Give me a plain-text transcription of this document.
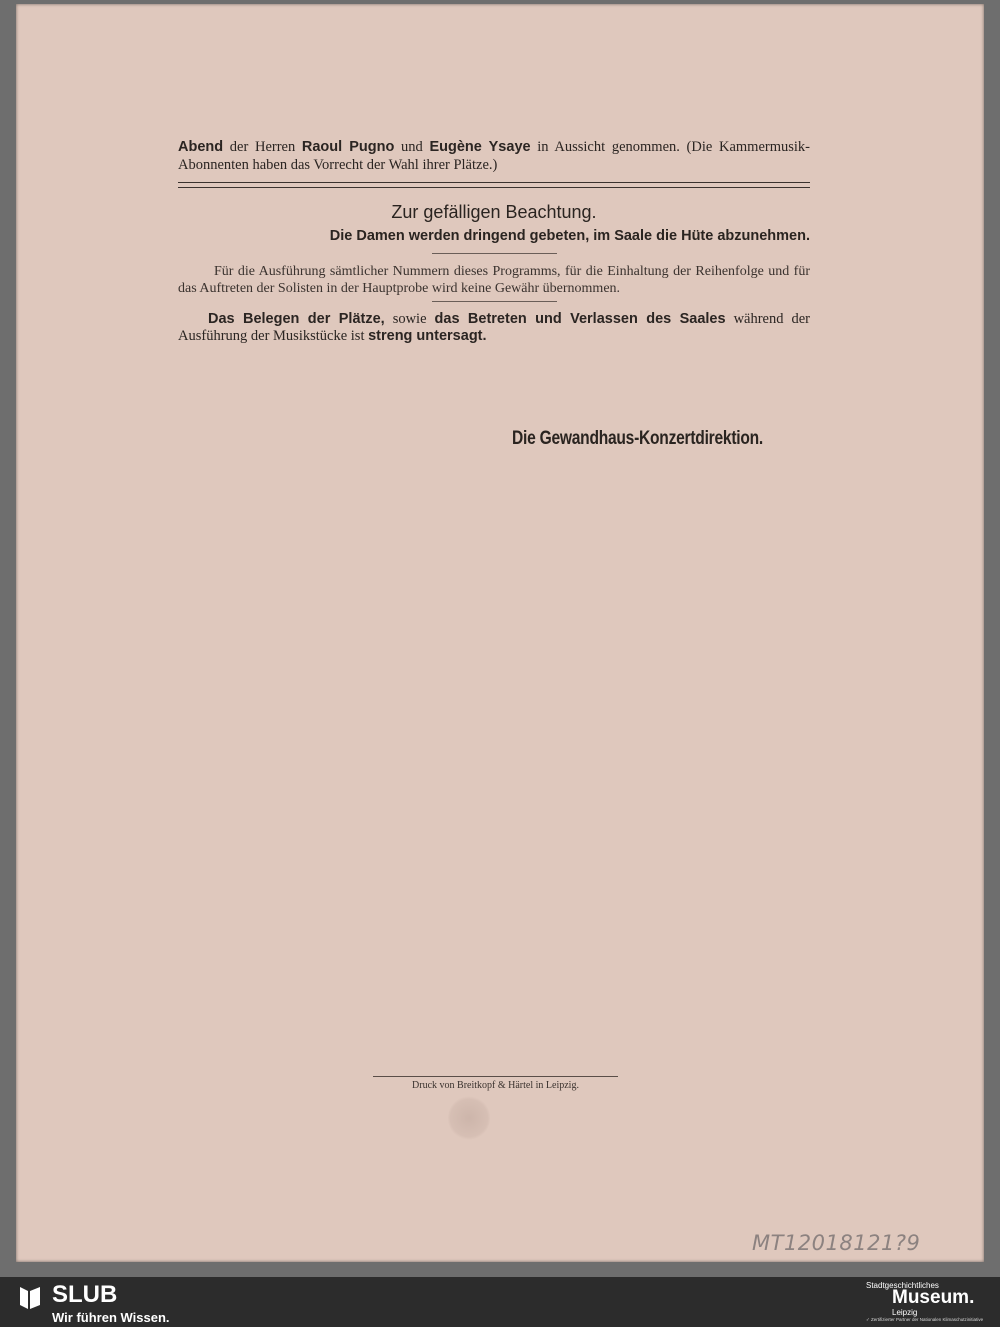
Abend der Herren Raoul Pugno und Eugène Ysaye in Aussicht genommen. (Die Kammermusik-Abonnenten haben das Vorrecht der Wahl ihrer Plätze.)

Zur gefälligen Beachtung.
Die Damen werden dringend gebeten, im Saale die Hüte abzunehmen.

Für die Ausführung sämtlicher Nummern dieses Programms, für die Einhaltung der Reihenfolge und für das Auftreten der Solisten in der Hauptprobe wird keine Gewähr übernommen.

Das Belegen der Plätze, sowie das Betreten und Verlassen des Saales während der Ausführung der Musikstücke ist streng untersagt.

Die Gewandhaus-Konzertdirektion.
Druck von Breitkopf & Härtel in Leipzig.
MT12018121?9
SLUB
Wir führen Wissen.
Stadtgeschichtliches
Museum.
Leipzig
✓ Zertifizierter Partner der Nationalen Klimaschutzinitiative
